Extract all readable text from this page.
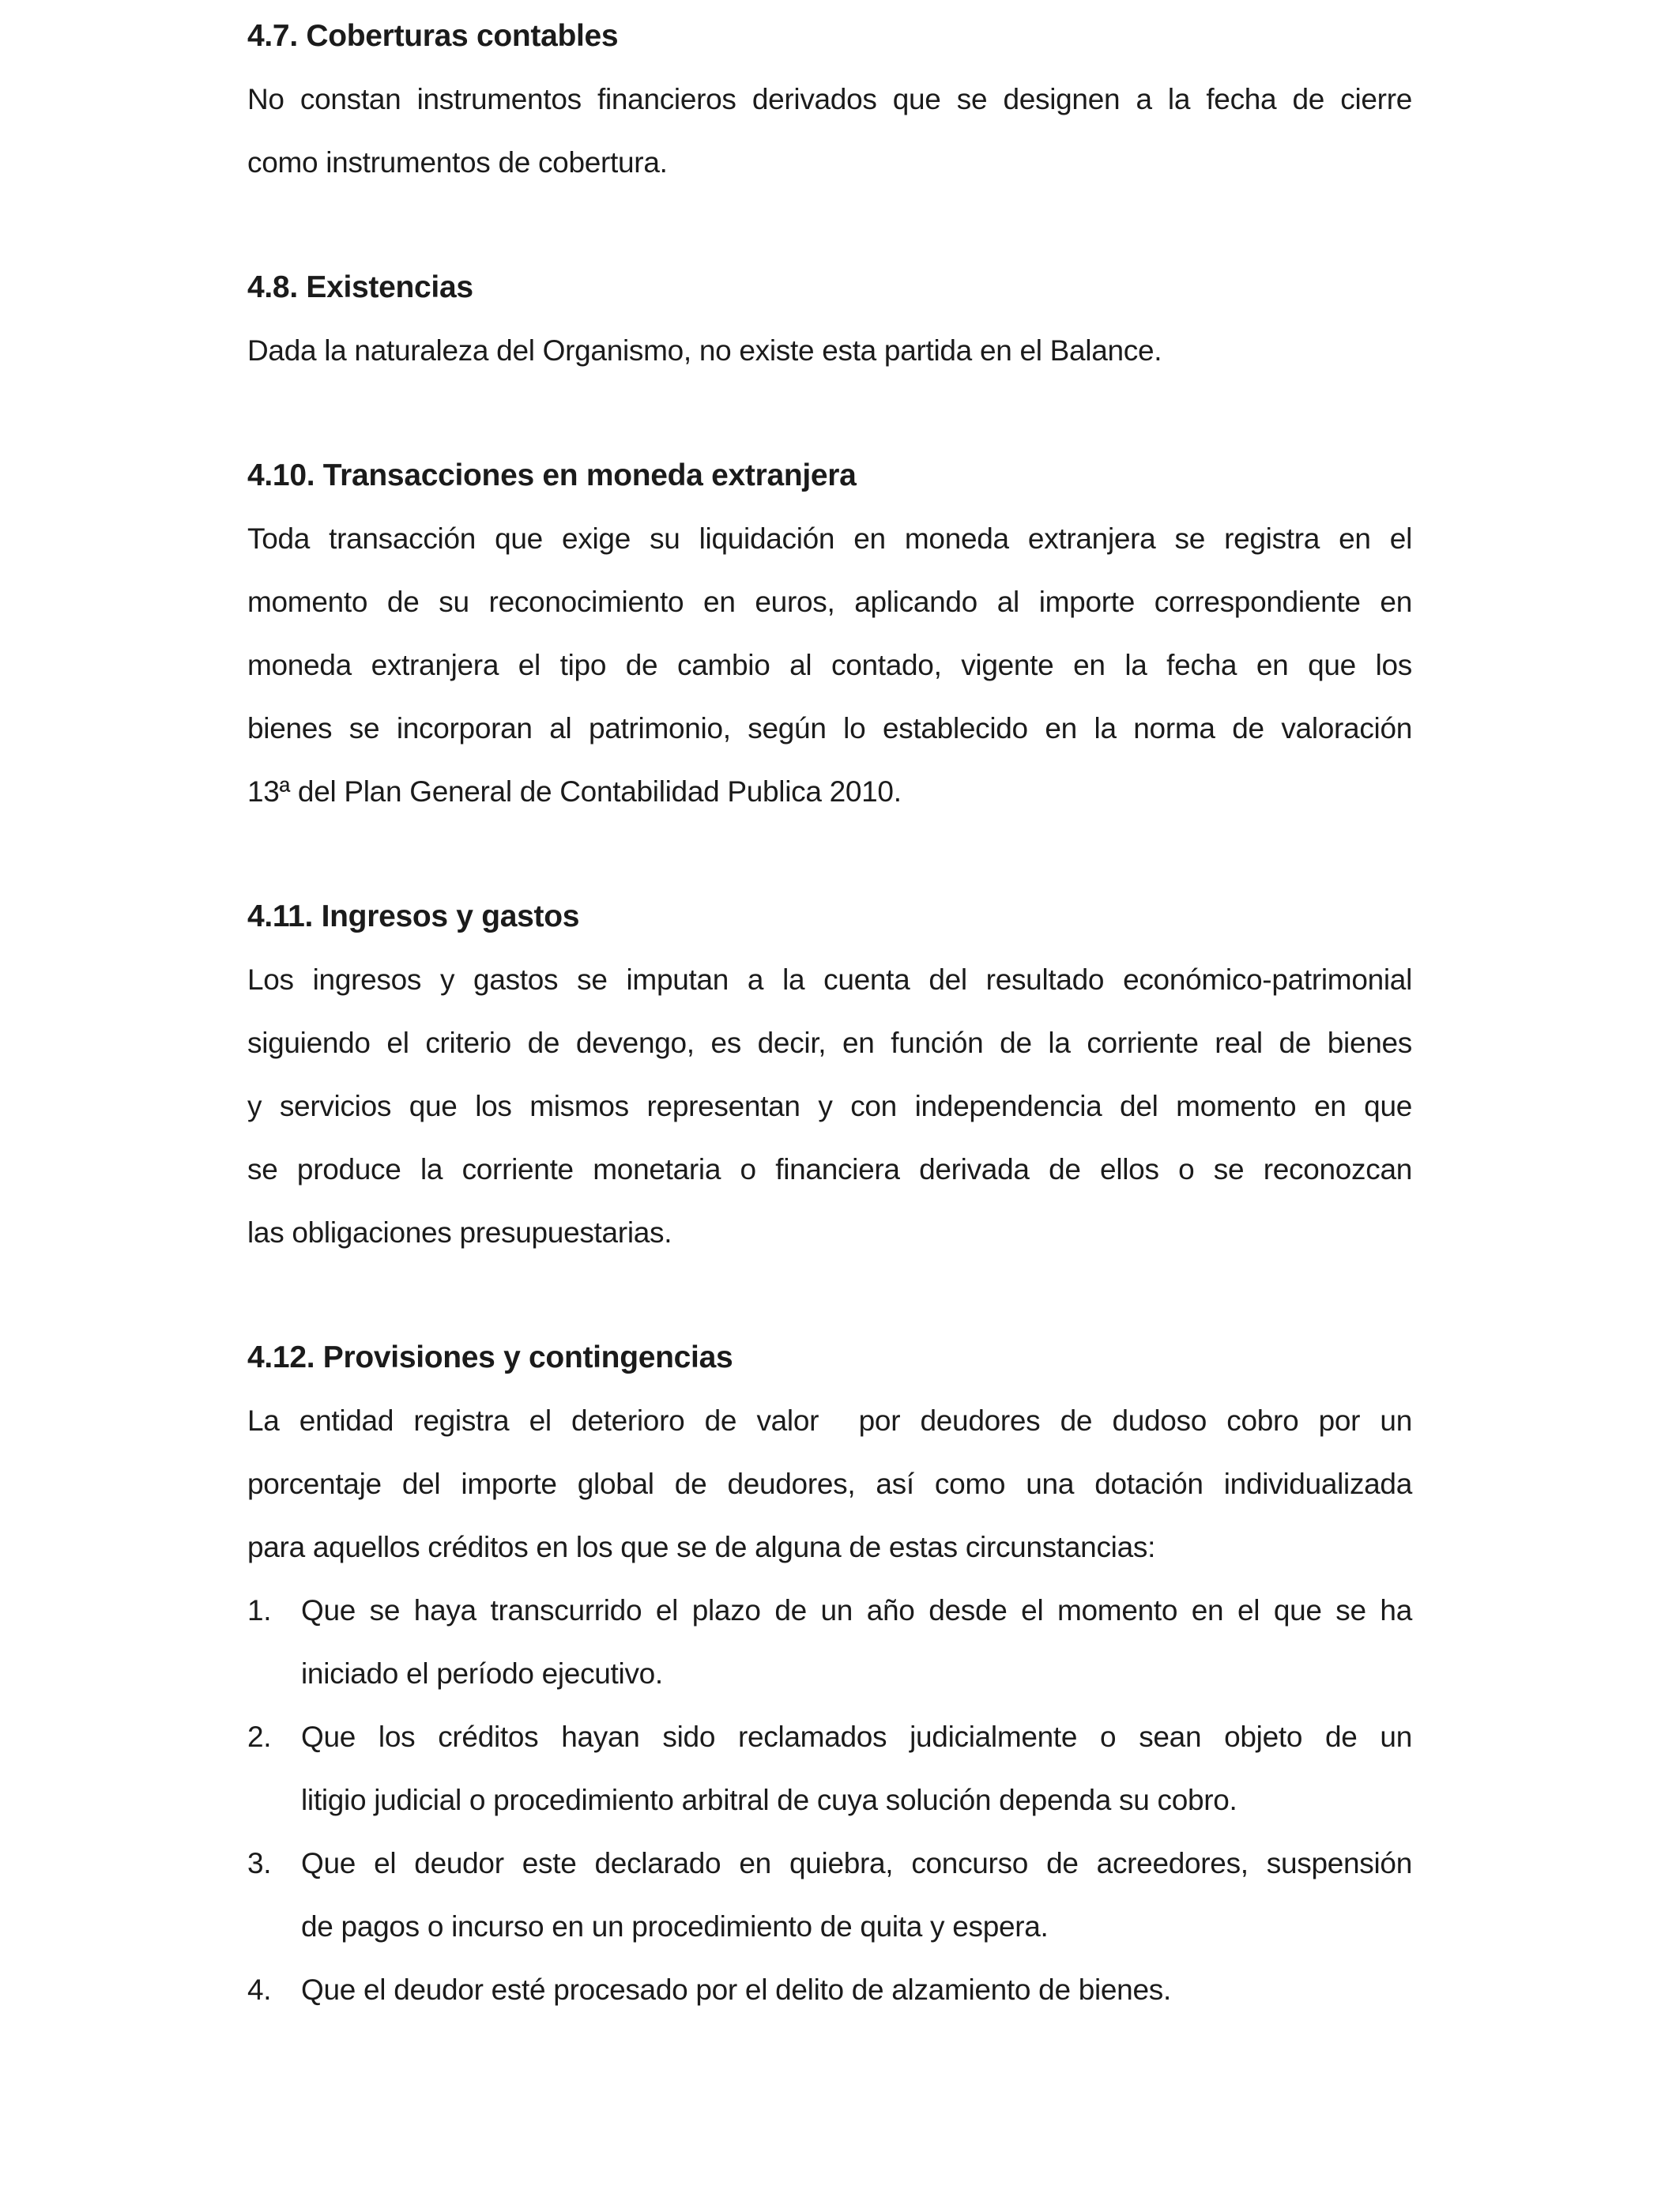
4.7. Coberturas contables
No constan instrumentos financieros derivados que se designen a la fecha de cierre
como instrumentos de cobertura.
4.8. Existencias
Dada la naturaleza del Organismo, no existe esta partida en el Balance.
4.10. Transacciones en moneda extranjera
Toda transacción que exige su liquidación en moneda extranjera se registra en el
momento de su reconocimiento en euros, aplicando al importe correspondiente en
moneda extranjera el tipo de cambio al contado, vigente en la fecha en que los
bienes se incorporan al patrimonio, según lo establecido en la norma de valoración
13ª del Plan General de Contabilidad Publica 2010.
4.11. Ingresos y gastos
Los ingresos y gastos se imputan a la cuenta del resultado económico-patrimonial
siguiendo el criterio de devengo, es decir, en función de la corriente real de bienes
y servicios que los mismos representan y con independencia del momento en que
se produce la corriente monetaria o financiera derivada de ellos o se reconozcan
las obligaciones presupuestarias.
4.12. Provisiones y contingencias
La entidad registra el deterioro de valor  por deudores de dudoso cobro por un
porcentaje del importe global de deudores, así como una dotación individualizada
para aquellos créditos en los que se de alguna de estas circunstancias:
1.	Que se haya transcurrido el plazo de un año desde el momento en el que se ha
iniciado el período ejecutivo.
2.	Que los créditos hayan sido reclamados judicialmente o sean objeto de un
litigio judicial o procedimiento arbitral de cuya solución dependa su cobro.
3.	Que el deudor este declarado en quiebra, concurso de acreedores, suspensión
de pagos o incurso en un procedimiento de quita y espera.
4.	Que el deudor esté procesado por el delito de alzamiento de bienes.
